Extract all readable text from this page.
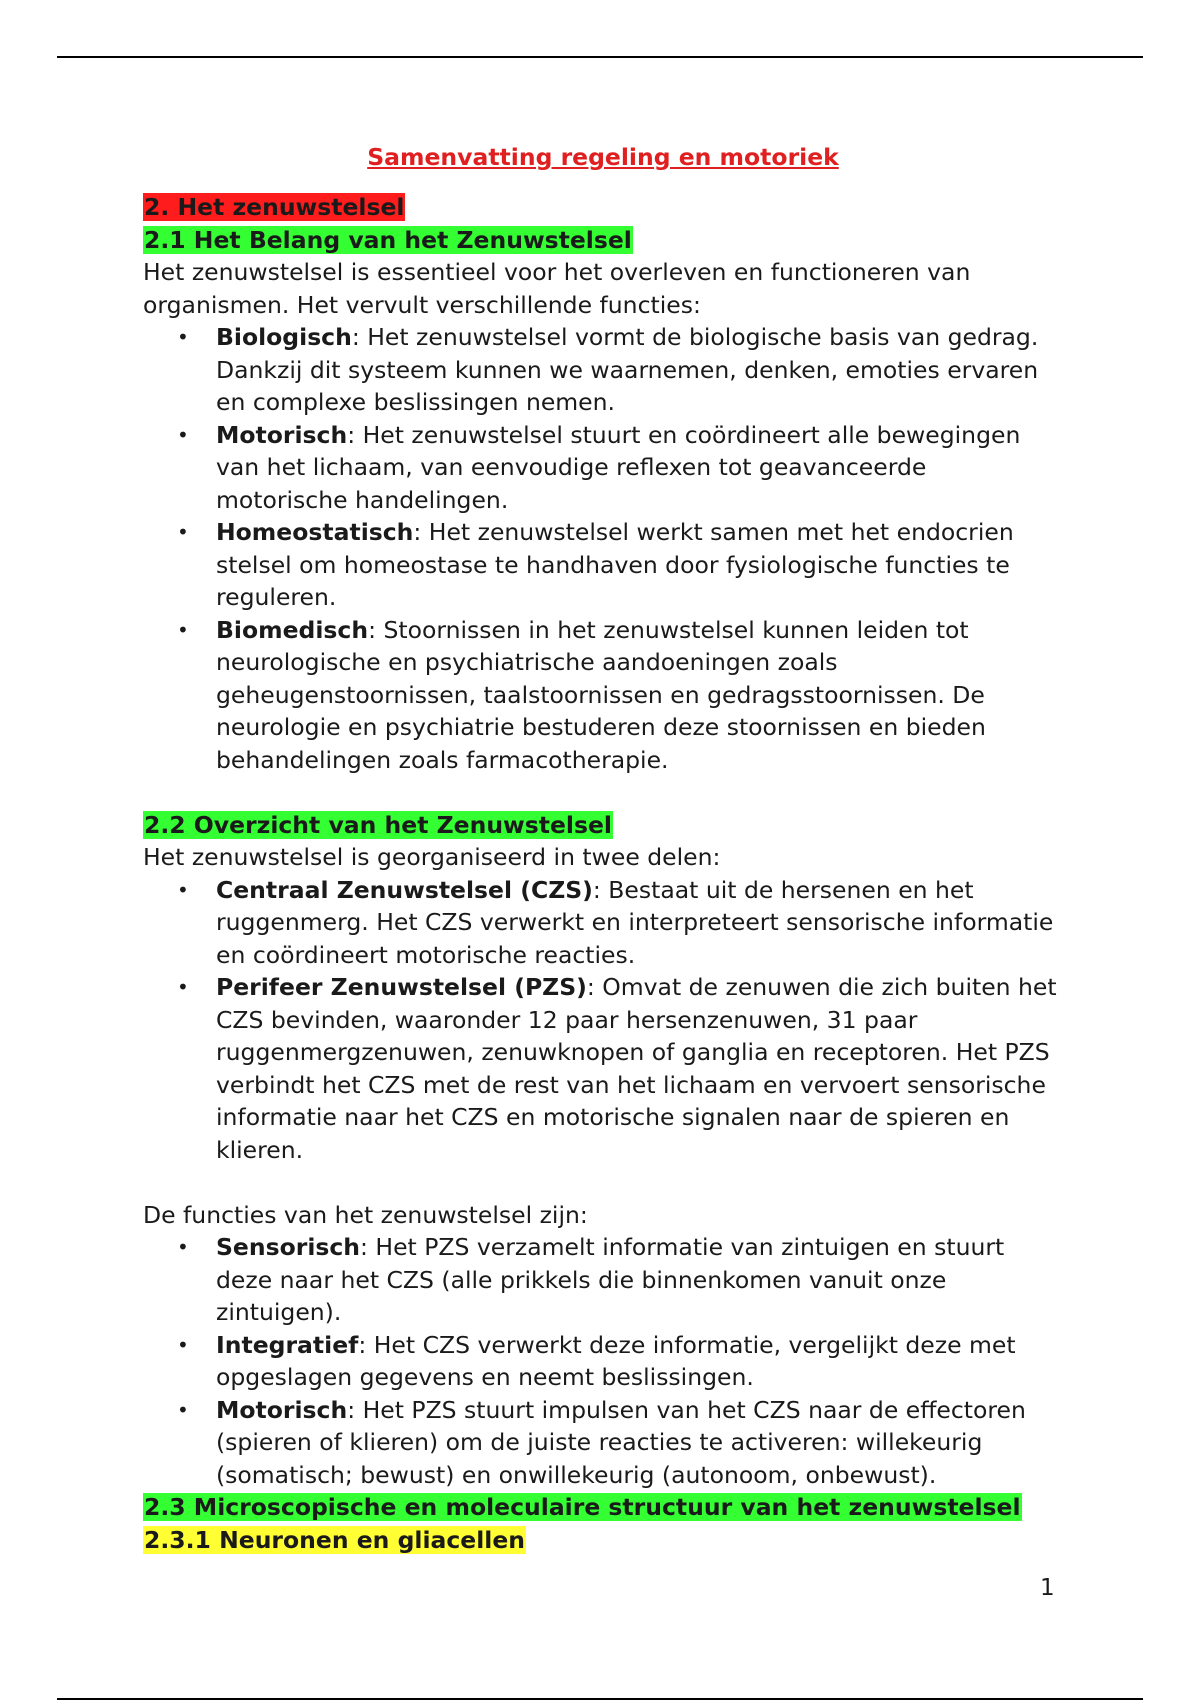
Samenvatting regeling en motoriek

2. Het zenuwstelsel

2.1 Het Belang van het Zenuwstelsel

Het zenuwstelsel is essentieel voor het overleven en functioneren van organismen. Het vervult verschillende functies:

• Biologisch: Het zenuwstelsel vormt de biologische basis van gedrag. Dankzij dit systeem kunnen we waarnemen, denken, emoties ervaren en complexe beslissingen nemen.
• Motorisch: Het zenuwstelsel stuurt en coördineert alle bewegingen van het lichaam, van eenvoudige reflexen tot geavanceerde motorische handelingen.
• Homeostatisch: Het zenuwstelsel werkt samen met het endocrien stelsel om homeostase te handhaven door fysiologische functies te reguleren.
• Biomedisch: Stoornissen in het zenuwstelsel kunnen leiden tot neurologische en psychiatrische aandoeningen zoals geheugenstoornissen, taalstoornissen en gedragsstoornissen. De neurologie en psychiatrie bestuderen deze stoornissen en bieden behandelingen zoals farmacotherapie.

2.2 Overzicht van het Zenuwstelsel

Het zenuwstelsel is georganiseerd in twee delen:

• Centraal Zenuwstelsel (CZS): Bestaat uit de hersenen en het ruggenmerg. Het CZS verwerkt en interpreteert sensorische informatie en coördineert motorische reacties.
• Perifeer Zenuwstelsel (PZS): Omvat de zenuwen die zich buiten het CZS bevinden, waaronder 12 paar hersenzenuwen, 31 paar ruggenmergzenuwen, zenuwknopen of ganglia en receptoren. Het PZS verbindt het CZS met de rest van het lichaam en vervoert sensorische informatie naar het CZS en motorische signalen naar de spieren en klieren.

De functies van het zenuwstelsel zijn:

• Sensorisch: Het PZS verzamelt informatie van zintuigen en stuurt deze naar het CZS (alle prikkels die binnenkomen vanuit onze zintuigen).
• Integratief: Het CZS verwerkt deze informatie, vergelijkt deze met opgeslagen gegevens en neemt beslissingen.
• Motorisch: Het PZS stuurt impulsen van het CZS naar de effectoren (spieren of klieren) om de juiste reacties te activeren: willekeurig (somatisch; bewust) en onwillekeurig (autonoom, onbewust).

2.3 Microscopische en moleculaire structuur van het zenuwstelsel

2.3.1 Neuronen en gliacellen

1
